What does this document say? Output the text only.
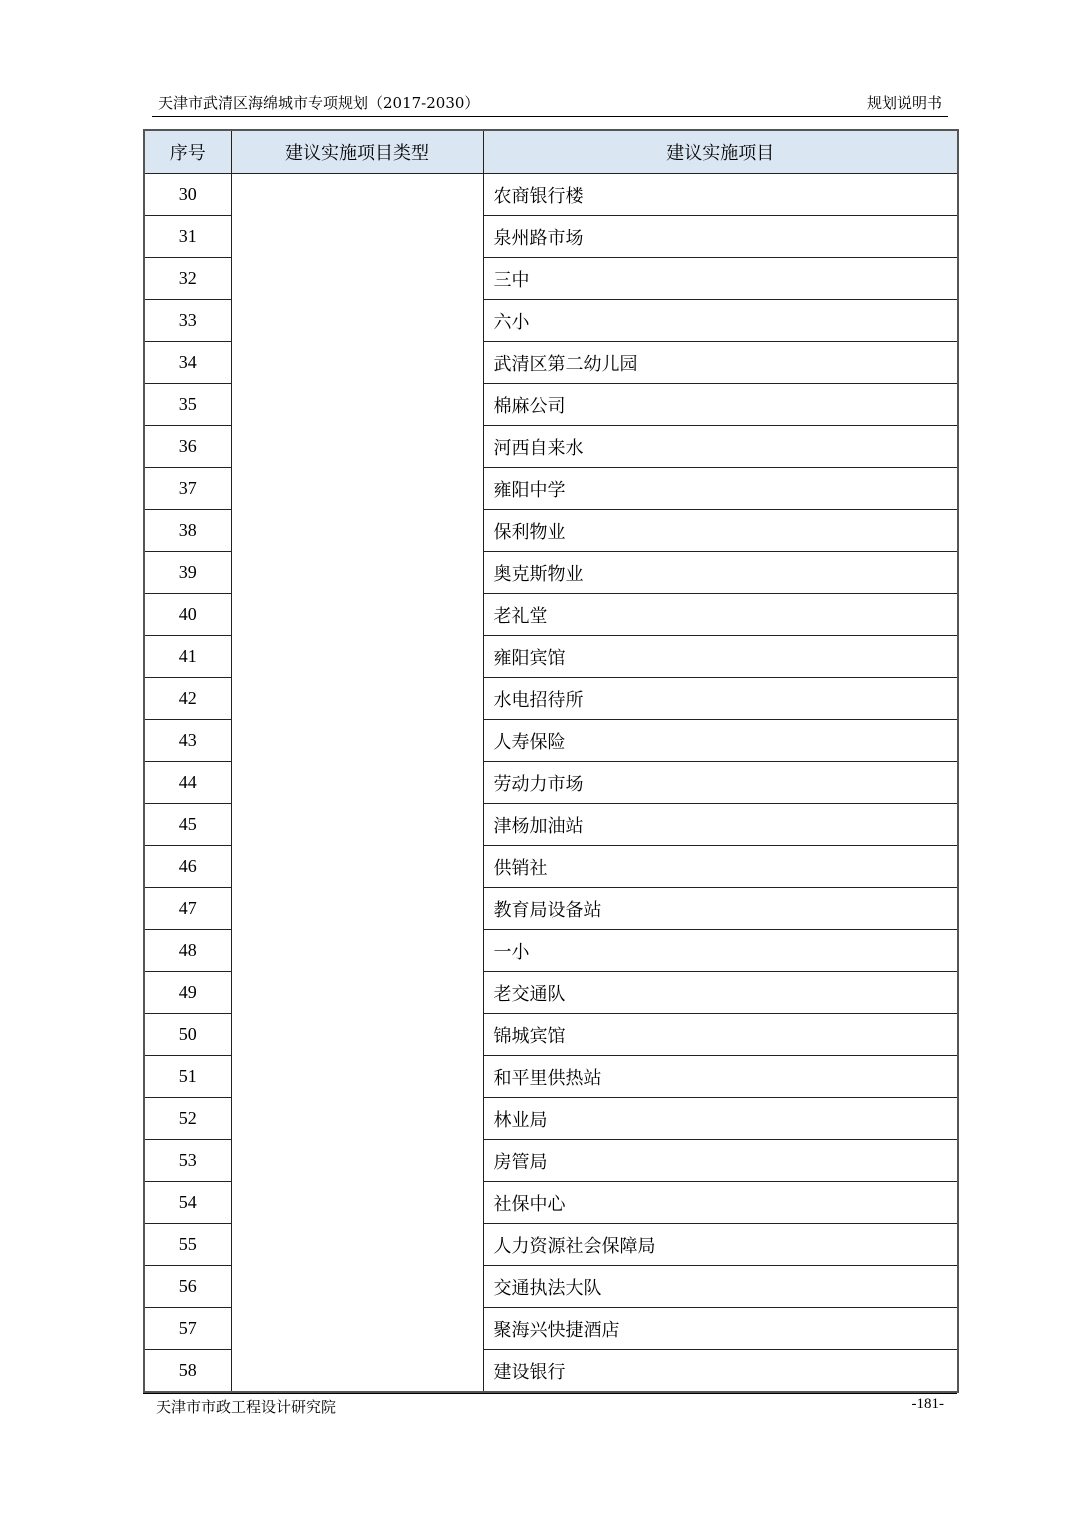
天津市武清区海绵城市专项规划（2017-2030）	规划说明书
序号	建议实施项目类型	建议实施项目
30		农商银行楼
31		泉州路市场
32		三中
33		六小
34		武清区第二幼儿园
35		棉麻公司
36		河西自来水
37		雍阳中学
38		保利物业
39		奥克斯物业
40		老礼堂
41		雍阳宾馆
42		水电招待所
43		人寿保险
44		劳动力市场
45		津杨加油站
46		供销社
47		教育局设备站
48		一小
49		老交通队
50		锦城宾馆
51		和平里供热站
52		林业局
53		房管局
54		社保中心
55		人力资源社会保障局
56		交通执法大队
57		聚海兴快捷酒店
58		建设银行
天津市市政工程设计研究院	-181-
